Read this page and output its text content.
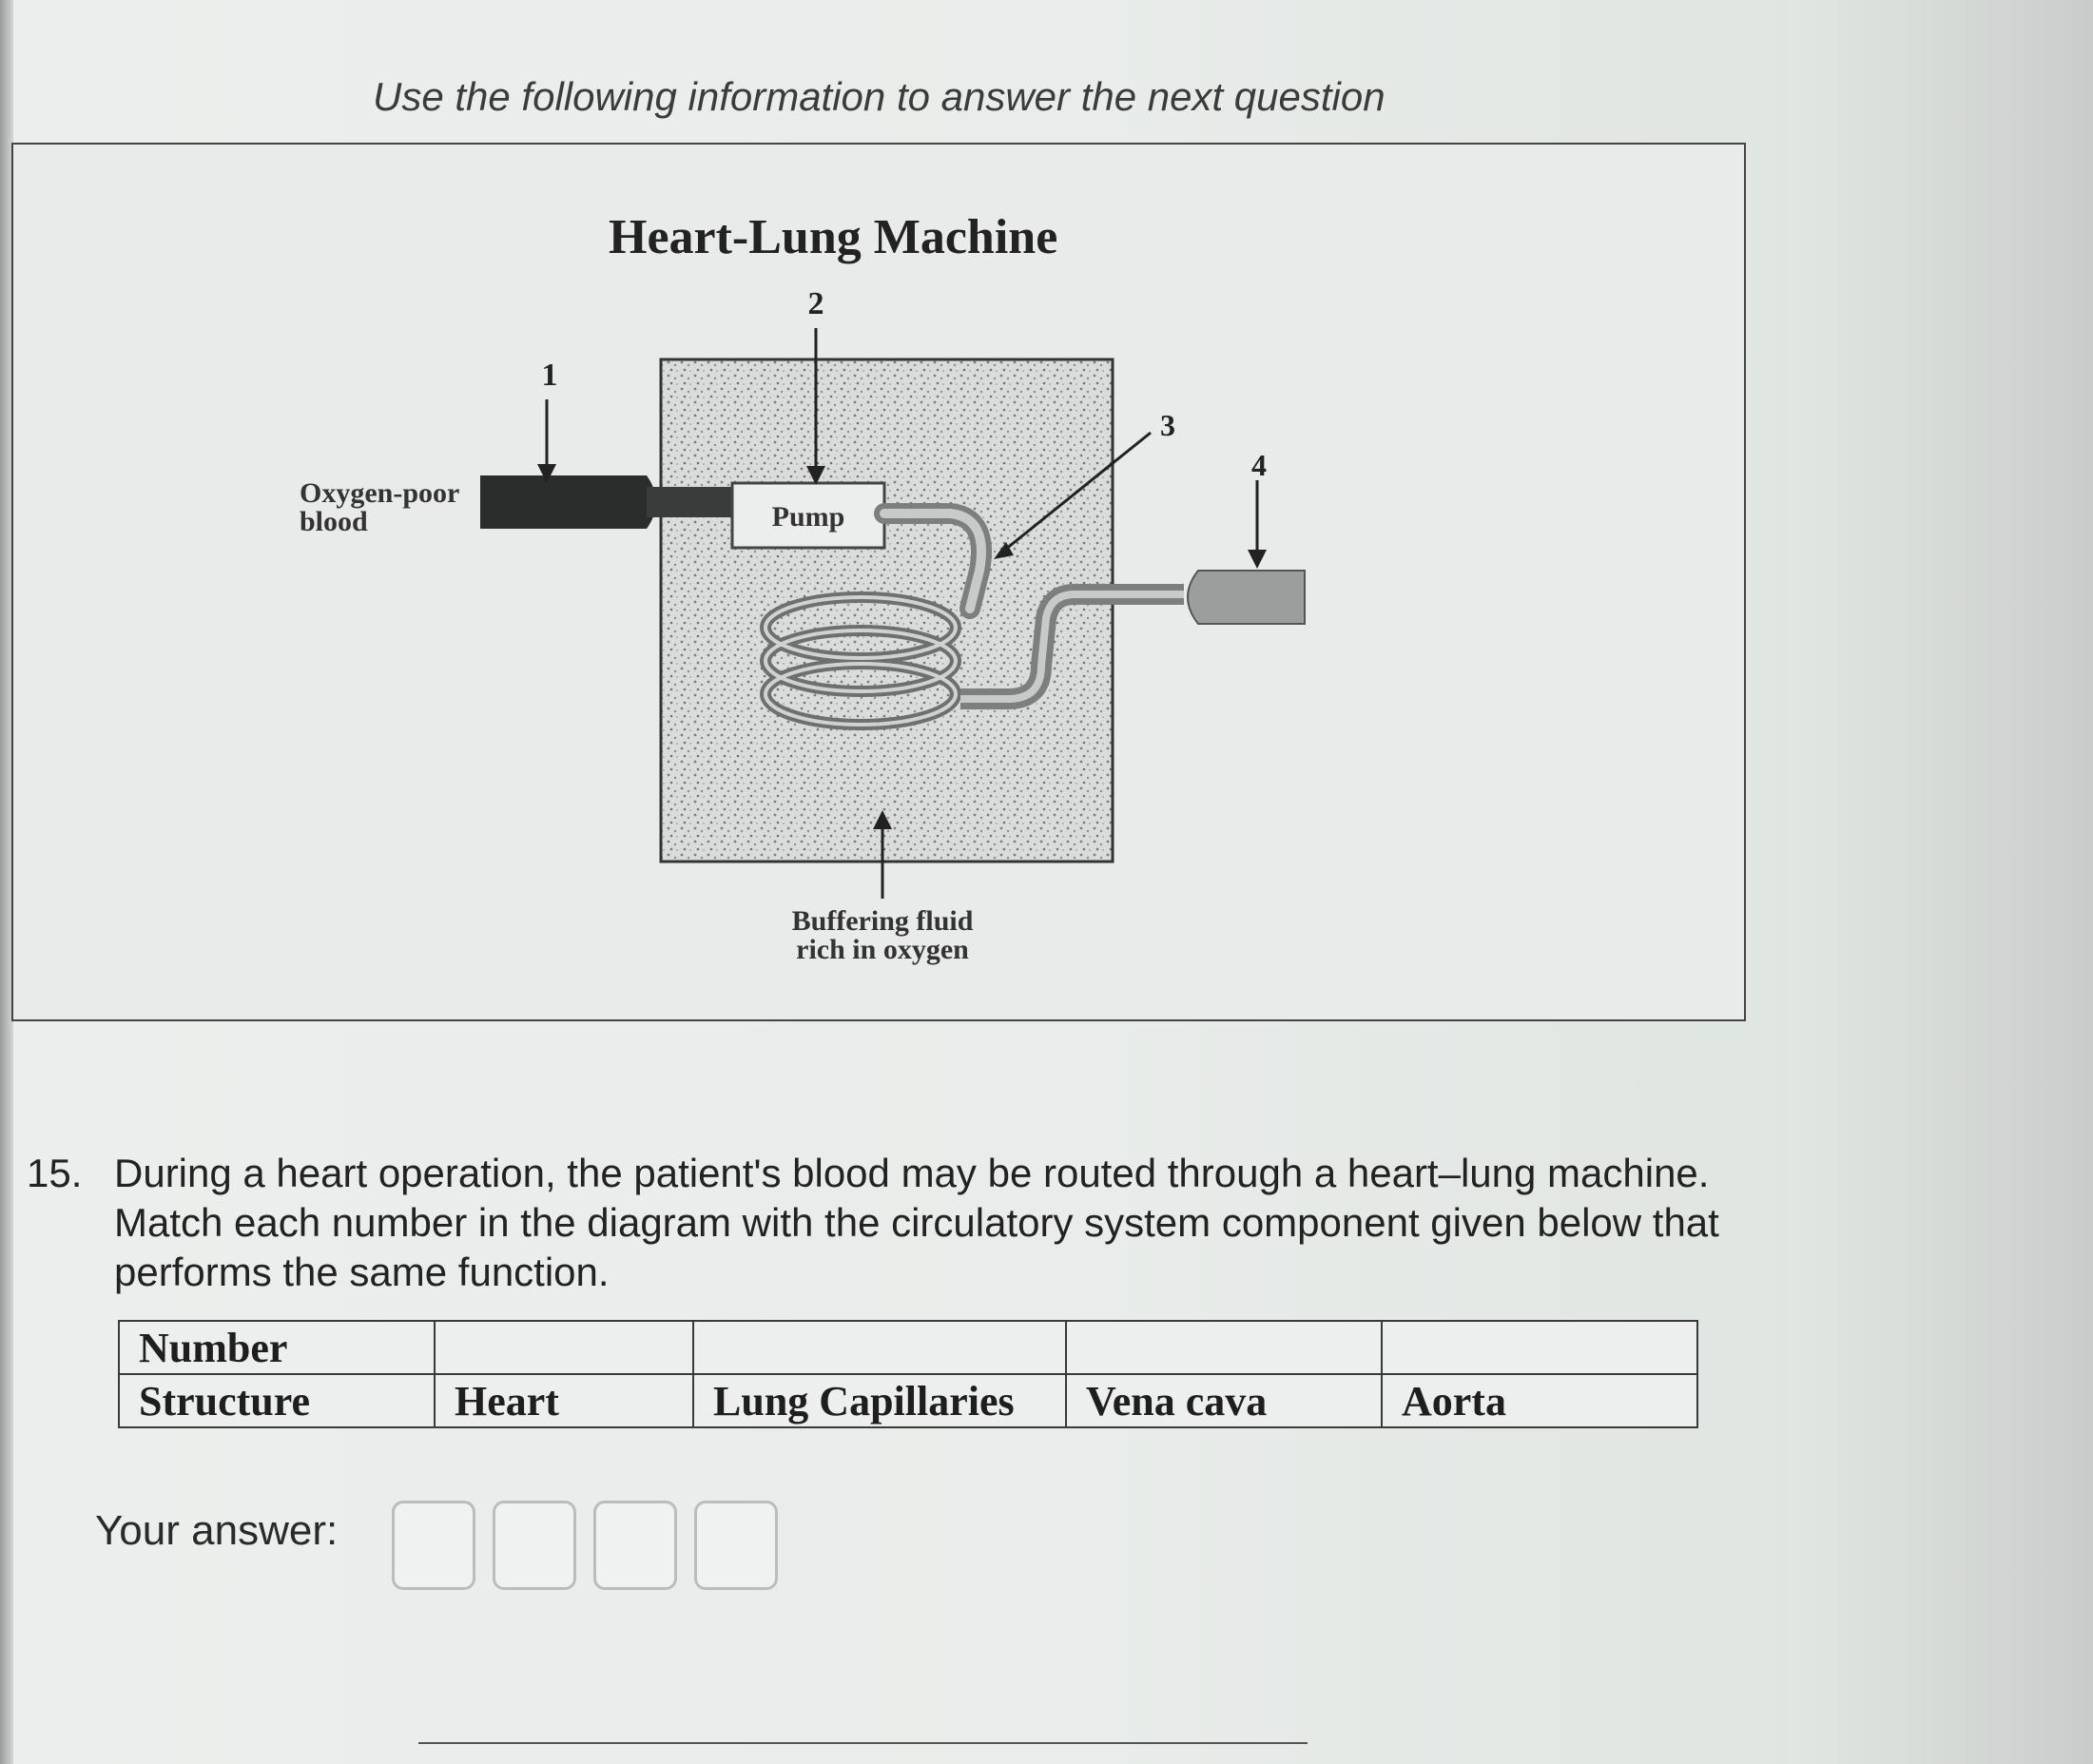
Use the following information to answer the next question

Heart-Lung Machine
Pump
1
2
3
4
Oxygen-poor
blood
Buffering fluid
rich in oxygen
15. During a heart operation, the patient's blood may be routed through a heart–lung machine. Match each number in the diagram with the circulatory system component given below that performs the same function.
Number				
Structure	Heart	Lung Capillaries	Vena cava	Aorta
Your answer:
